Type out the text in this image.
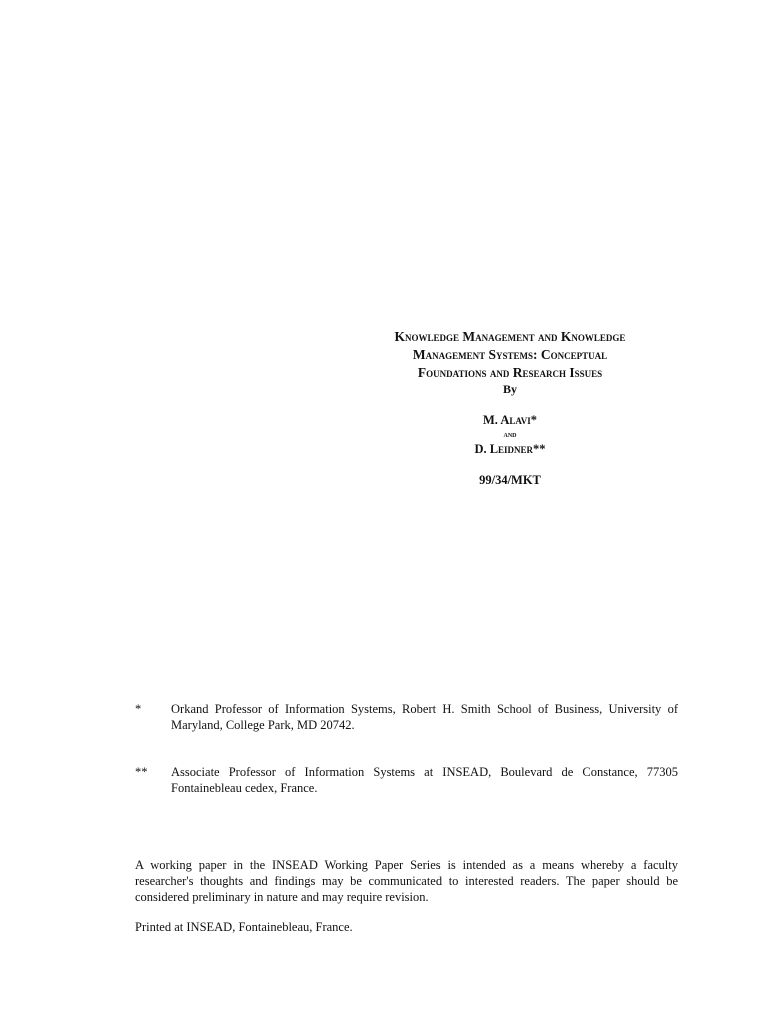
Knowledge Management and Knowledge
Management Systems: Conceptual
Foundations and Research Issues
By
M. Alavi*
and
D. Leidner**
99/34/MKT
* Orkand Professor of Information Systems, Robert H. Smith School of Business, University of Maryland, College Park, MD 20742.
** Associate Professor of Information Systems at INSEAD, Boulevard de Constance, 77305 Fontainebleau cedex, France.

A working paper in the INSEAD Working Paper Series is intended as a means whereby a faculty researcher's thoughts and findings may be communicated to interested readers. The paper should be considered preliminary in nature and may require revision.

Printed at INSEAD, Fontainebleau, France.
